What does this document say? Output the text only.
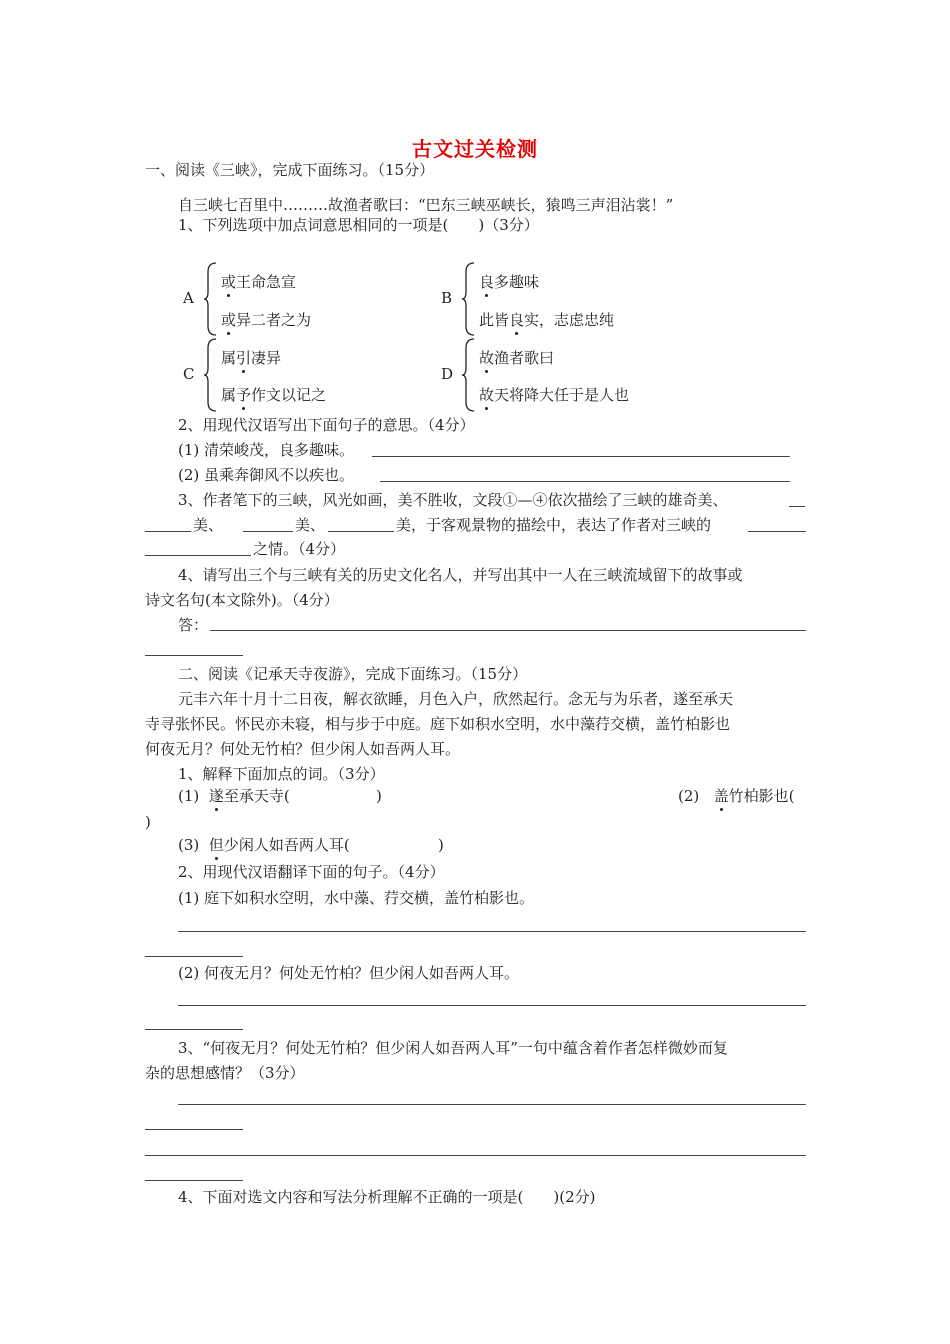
古文过关检测
一、阅读《三峡》，完成下面练习。（15分）
自三峡七百里中………故渔者歌曰：“巴东三峡巫峡长，猿鸣三声泪沾裳！”
1、下列选项中加点词意思相同的一项是(　　)（3分）
A
或王命急宣
或异二者之为
B
良多趣味
此皆良实，志虑忠纯
C
属引凄异
属予作文以记之
D
故渔者歌曰
故天将降大任于是人也
2、用现代汉语写出下面句子的意思。（4分）
(1) 清荣峻茂，良多趣味。
(2) 虽乘奔御风不以疾也。
3、作者笔下的三峡，风光如画，美不胜收，文段①—④依次描绘了三峡的雄奇美、
美、	美、	美，于客观景物的描绘中，表达了作者对三峡的
之情。（4分）
4、请写出三个与三峡有关的历史文化名人，并写出其中一人在三峡流域留下的故事或
诗文名句(本文除外)。（4分）
答：
二、阅读《记承天寺夜游》，完成下面练习。（15分）
元丰六年十月十二日夜，解衣欲睡，月色入户，欣然起行。念无与为乐者，遂至承天
寺寻张怀民。怀民亦未寝，相与步于中庭。庭下如积水空明，水中藻荇交横，盖竹柏影也
何夜无月？何处无竹柏？但少闲人如吾两人耳。
1、解释下面加点的词。（3分）
(1) 遂至承天寺(	)	(2) 盖竹柏影也(
)
(3) 但少闲人如吾两人耳(	)
2、用现代汉语翻译下面的句子。（4分）
(1) 庭下如积水空明，水中藻、荇交横，盖竹柏影也。
(2) 何夜无月？何处无竹柏？但少闲人如吾两人耳。
3、“何夜无月？何处无竹柏？但少闲人如吾两人耳”一句中蕴含着作者怎样微妙而复
杂的思想感情？（3分）
4、下面对选文内容和写法分析理解不正确的一项是(　　)(2分)
